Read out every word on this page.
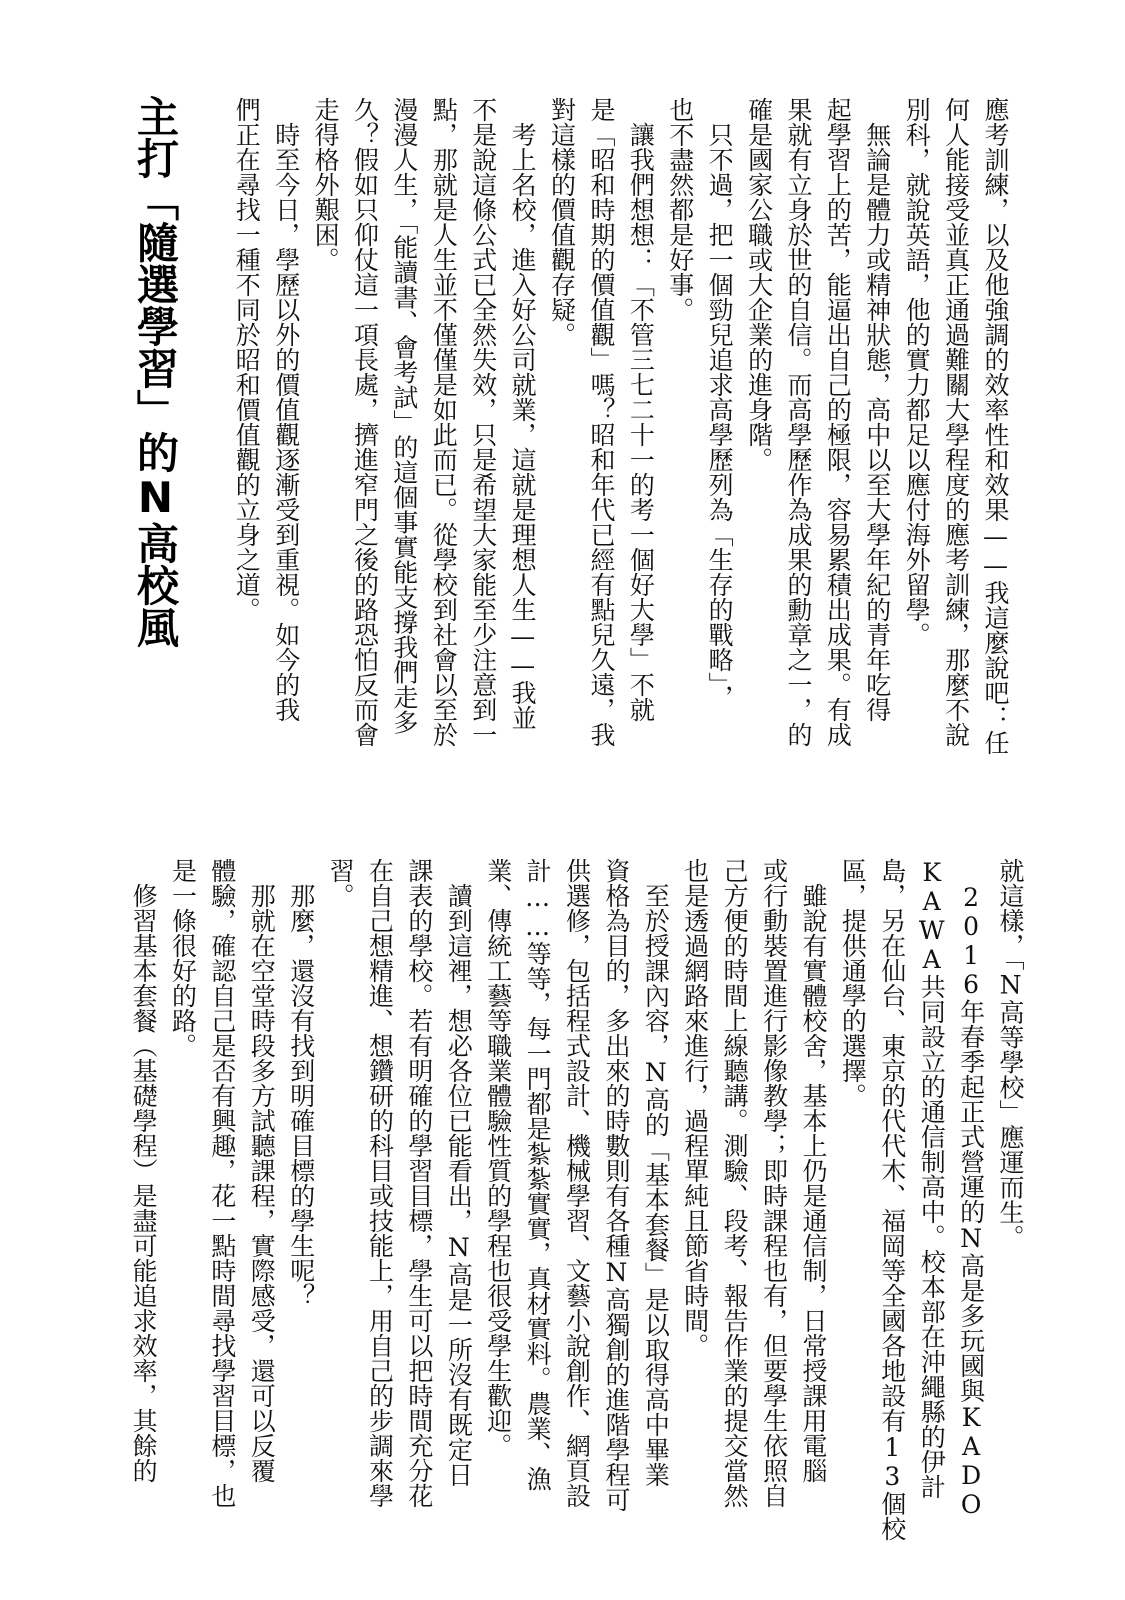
主打「隨選學習」的N高校風	應考訓練，以及他強調的效率性和效果——我這麼說吧：任

何人能接受並真正通過難關大學程度的應考訓練，那麼不說

別科，就說英語，他的實力都足以應付海外留學。

　無論是體力或精神狀態，高中以至大學年紀的青年吃得

起學習上的苦，能逼出自己的極限，容易累積出成果。有成

果就有立身於世的自信。而高學歷作為成果的勳章之一，的

確是國家公職或大企業的進身階。

　只不過，把一個勁兒追求高學歷列為「生存的戰略」，

也不盡然都是好事。

　讓我們想想：「不管三七二十一的考一個好大學」不就

是「昭和時期的價值觀」嗎？昭和年代已經有點兒久遠，我

對這樣的價值觀存疑。

　考上名校，進入好公司就業，這就是理想人生——我並

不是說這條公式已全然失效，只是希望大家能至少注意到一

點，那就是人生並不僅僅是如此而已。從學校到社會以至於

漫漫人生，「能讀書、會考試」的這個事實能支撐我們走多

久？假如只仰仗這一項長處，擠進窄門之後的路恐怕反而會

走得格外艱困。

　時至今日，學歷以外的價值觀逐漸受到重視。如今的我

們正在尋找一種不同於昭和價值觀的立身之道。

就這樣，「N高等學校」應運而生。

　2016年春季起正式營運的N高是多玩國與KADO

KAWA共同設立的通信制高中。校本部在沖繩縣的伊計

島，另在仙台、東京的代代木、福岡等全國各地設有13個校

區，提供通學的選擇。

　雖說有實體校舍，基本上仍是通信制，日常授課用電腦

或行動裝置進行影像教學；即時課程也有，但要學生依照自

己方便的時間上線聽講。測驗、段考、報告作業的提交當然

也是透過網路來進行，過程單純且節省時間。

　至於授課內容，N高的「基本套餐」是以取得高中畢業

資格為目的，多出來的時數則有各種N高獨創的進階學程可

供選修，包括程式設計、機械學習、文藝小說創作、網頁設

計……等等，每一門都是紮紮實實，真材實料。農業、漁

業、傳統工藝等職業體驗性質的學程也很受學生歡迎。

　讀到這裡，想必各位已能看出，N高是一所沒有既定日

課表的學校。若有明確的學習目標，學生可以把時間充分花

在自己想精進、想鑽研的科目或技能上，用自己的步調來學

習。

　那麼，還沒有找到明確目標的學生呢？

　那就在空堂時段多方試聽課程，實際感受，還可以反覆

體驗，確認自己是否有興趣，花一點時間尋找學習目標，也

是一條很好的路。

　修習基本套餐（基礎學程）是盡可能追求效率，其餘的
